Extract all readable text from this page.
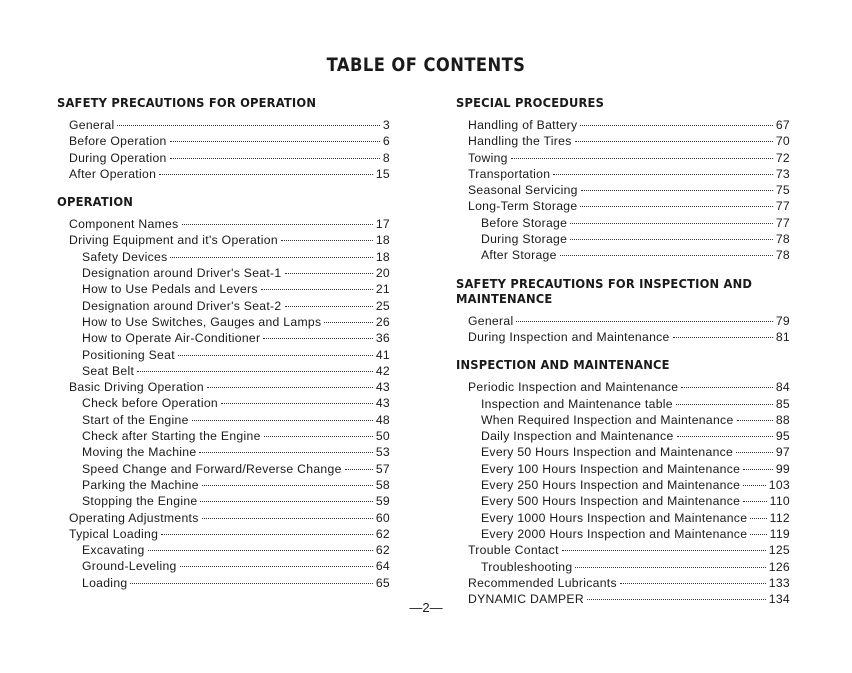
TABLE OF CONTENTS
SAFETY PRECAUTIONS FOR OPERATION
General	3
Before Operation	6
During Operation	8
After Operation	15
OPERATION
Component Names	17
Driving Equipment and it's Operation	18
Safety Devices	18
Designation around Driver's Seat-1	20
How to Use Pedals and Levers	21
Designation around Driver's Seat-2	25
How to Use Switches, Gauges and Lamps	26
How to Operate Air-Conditioner	36
Positioning Seat	41
Seat Belt	42
Basic Driving Operation	43
Check before Operation	43
Start of the Engine	48
Check after Starting the Engine	50
Moving the Machine	53
Speed Change and Forward/Reverse Change	57
Parking the Machine	58
Stopping the Engine	59
Operating Adjustments	60
Typical Loading	62
Excavating	62
Ground-Leveling	64
Loading	65
SPECIAL PROCEDURES
Handling of Battery	67
Handling the Tires	70
Towing	72
Transportation	73
Seasonal Servicing	75
Long-Term Storage	77
Before Storage	77
During Storage	78
After Storage	78
SAFETY PRECAUTIONS FOR INSPECTION AND MAINTENANCE
General	79
During Inspection and Maintenance	81
INSPECTION AND MAINTENANCE
Periodic Inspection and Maintenance	84
Inspection and Maintenance table	85
When Required Inspection and Maintenance	88
Daily Inspection and Maintenance	95
Every 50 Hours Inspection and Maintenance	97
Every 100 Hours Inspection and Maintenance	99
Every 250 Hours Inspection and Maintenance 103
Every 500 Hours Inspection and Maintenance 110
Every 1000 Hours Inspection and Maintenance 112
Every 2000 Hours Inspection and Maintenance 119
Trouble Contact	125
Troubleshooting	126
Recommended Lubricants	133
DYNAMIC DAMPER	134
—2—
